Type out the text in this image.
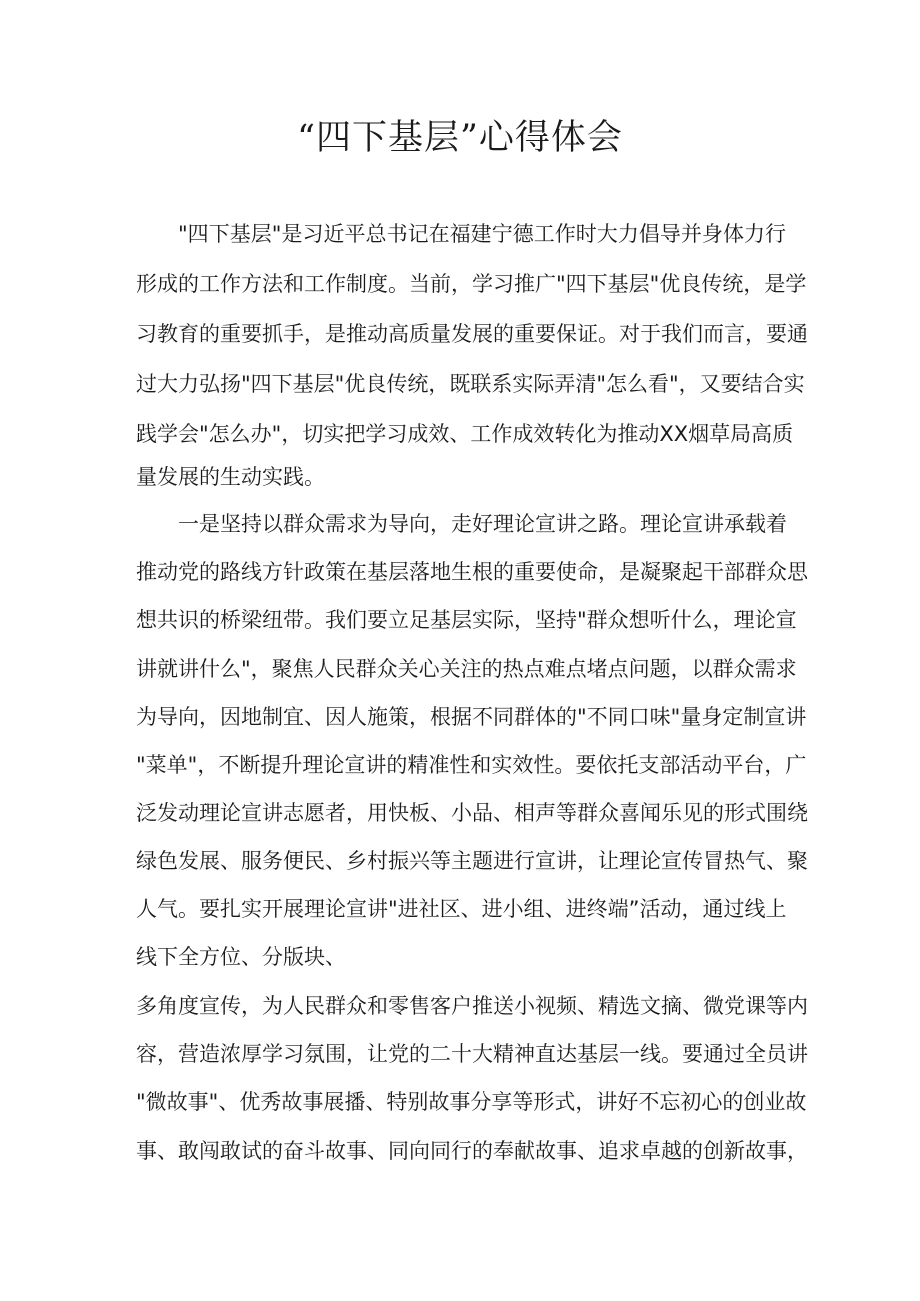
“四下基层”心得体会
"四下基层"是习近平总书记在福建宁德工作时大力倡导并身体力行
形成的工作方法和工作制度。当前，学习推广"四下基层"优良传统，是学
习教育的重要抓手，是推动高质量发展的重要保证。对于我们而言，要通
过大力弘扬"四下基层"优良传统，既联系实际弄清"怎么看"，又要结合实
践学会"怎么办"，切实把学习成效、工作成效转化为推动XX烟草局高质
量发展的生动实践。
一是坚持以群众需求为导向，走好理论宣讲之路。理论宣讲承载着
推动党的路线方针政策在基层落地生根的重要使命，是凝聚起干部群众思
想共识的桥梁纽带。我们要立足基层实际，坚持"群众想听什么，理论宣
讲就讲什么"，聚焦人民群众关心关注的热点难点堵点问题，以群众需求
为导向，因地制宜、因人施策，根据不同群体的"不同口味"量身定制宣讲
"菜单"，不断提升理论宣讲的精准性和实效性。要依托支部活动平台，广
泛发动理论宣讲志愿者，用快板、小品、相声等群众喜闻乐见的形式围绕
绿色发展、服务便民、乡村振兴等主题进行宣讲，让理论宣传冒热气、聚
人气。要扎实开展理论宣讲"进社区、进小组、进终端”活动，通过线上
线下全方位、分版块、
多角度宣传，为人民群众和零售客户推送小视频、精选文摘、微党课等内
容，营造浓厚学习氛围，让党的二十大精神直达基层一线。要通过全员讲
"微故事"、优秀故事展播、特别故事分享等形式，讲好不忘初心的创业故
事、敢闯敢试的奋斗故事、同向同行的奉献故事、追求卓越的创新故事，
